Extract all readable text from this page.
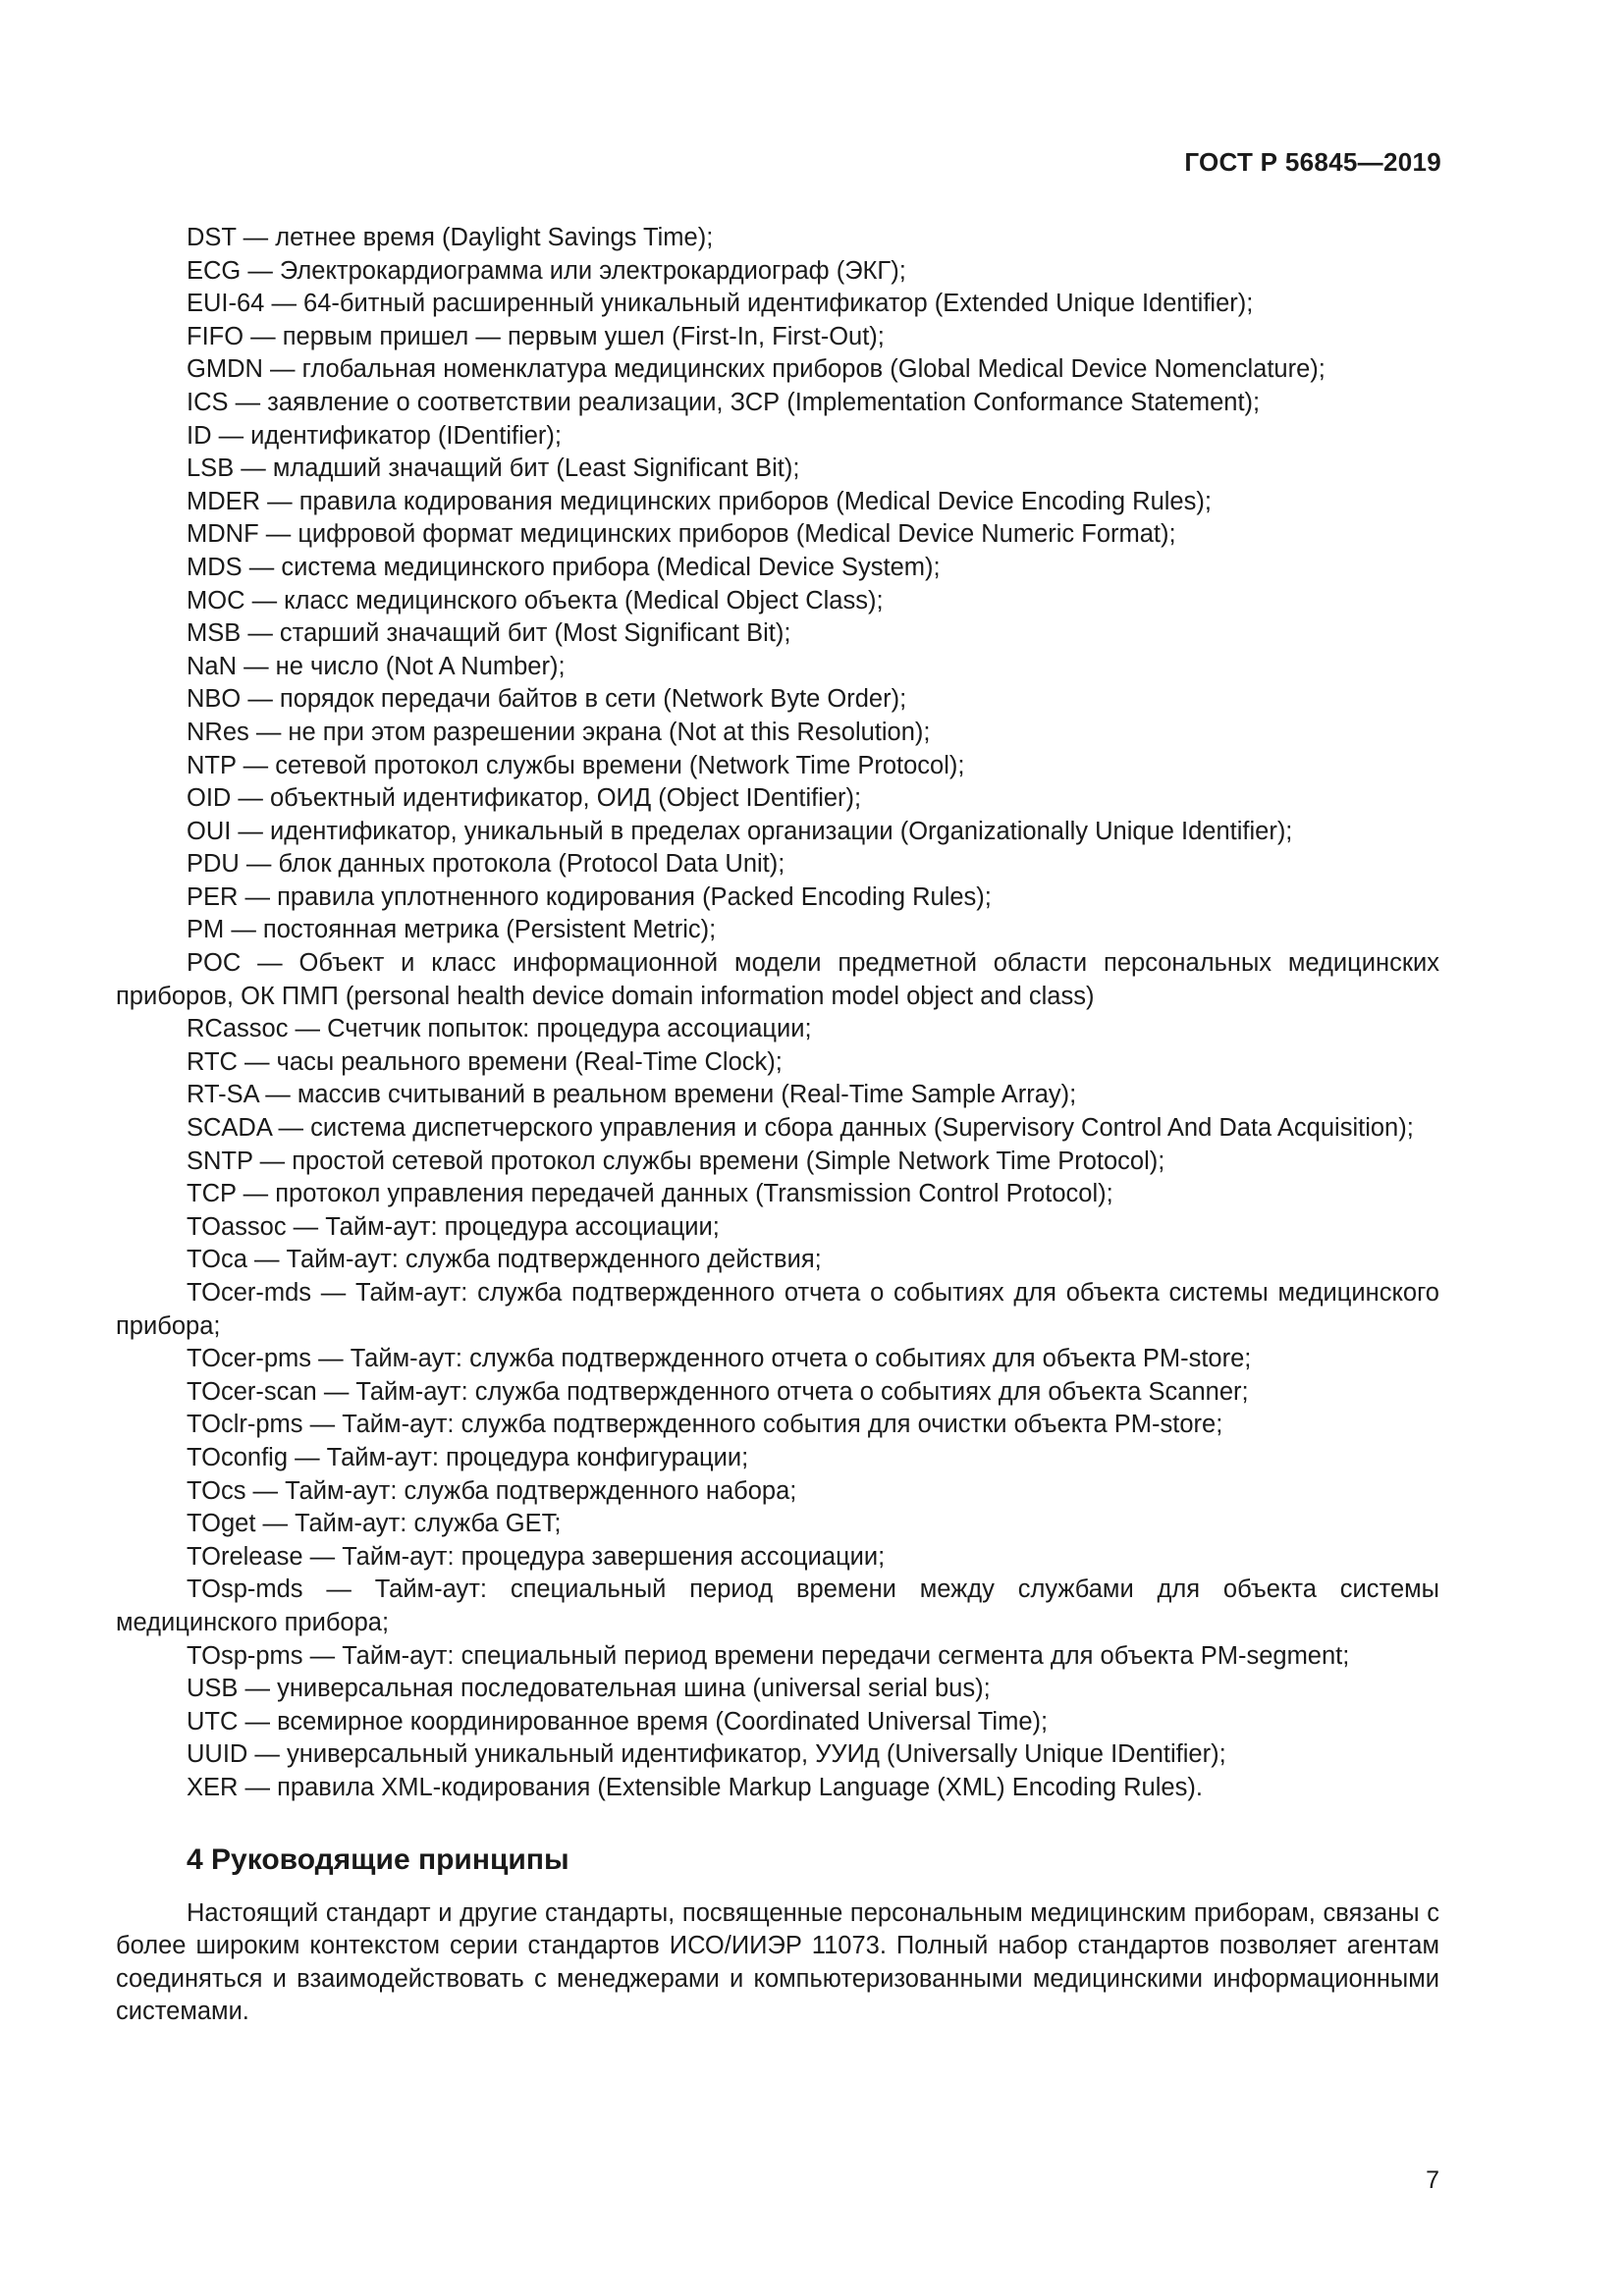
ГОСТ Р 56845—2019
DST — летнее время (Daylight Savings Time);
ECG — Электрокардиограмма или электрокардиограф (ЭКГ);
EUI-64 — 64-битный расширенный уникальный идентификатор (Extended Unique Identifier);
FIFO — первым пришел — первым ушел (First-In, First-Out);
GMDN — глобальная номенклатура медицинских приборов (Global Medical Device Nomenclature);
ICS — заявление о соответствии реализации, ЗСР (Implementation Conformance Statement);
ID — идентификатор (IDentifier);
LSB — младший значащий бит (Least Significant Bit);
MDER — правила кодирования медицинских приборов (Medical Device Encoding Rules);
MDNF — цифровой формат медицинских приборов (Medical Device Numeric Format);
MDS — система медицинского прибора (Medical Device System);
MOC — класс медицинского объекта (Medical Object Class);
MSB — старший значащий бит (Most Significant Bit);
NaN — не число (Not A Number);
NBO — порядок передачи байтов в сети (Network Byte Order);
NRes — не при этом разрешении экрана (Not at this Resolution);
NTP — сетевой протокол службы времени (Network Time Protocol);
OID — объектный идентификатор, ОИД (Object IDentifier);
OUI — идентификатор, уникальный в пределах организации (Organizationally Unique Identifier);
PDU — блок данных протокола (Protocol Data Unit);
PER — правила уплотненного кодирования (Packed Encoding Rules);
PM — постоянная метрика (Persistent Metric);
POC — Объект и класс информационной модели предметной области персональных медицинских приборов, ОК ПМП (personal health device domain information model object and class)
RCassoc — Счетчик попыток: процедура ассоциации;
RTC — часы реального времени (Real-Time Clock);
RT-SA — массив считываний в реальном времени (Real-Time Sample Array);
SCADA — система диспетчерского управления и сбора данных (Supervisory Control And Data Acquisition);
SNTP — простой сетевой протокол службы времени (Simple Network Time Protocol);
TCP — протокол управления передачей данных (Transmission Control Protocol);
TOassoc — Тайм-аут: процедура ассоциации;
TOca — Тайм-аут: служба подтвержденного действия;
TOcer-mds — Тайм-аут: служба подтвержденного отчета о событиях для объекта системы медицинского прибора;
TOcer-pms — Тайм-аут: служба подтвержденного отчета о событиях для объекта PM-store;
TOcer-scan — Тайм-аут: служба подтвержденного отчета о событиях для объекта Scanner;
TOclr-pms — Тайм-аут: служба подтвержденного события для очистки объекта PM-store;
TOconfig — Тайм-аут: процедура конфигурации;
TOcs — Тайм-аут: служба подтвержденного набора;
TOget — Тайм-аут: служба GET;
TOrelease — Тайм-аут: процедура завершения ассоциации;
TOsp-mds — Тайм-аут: специальный период времени между службами для объекта системы медицинского прибора;
TOsp-pms — Тайм-аут: специальный период времени передачи сегмента для объекта PM-segment;
USB — универсальная последовательная шина (universal serial bus);
UTC — всемирное координированное время (Coordinated Universal Time);
UUID — универсальный уникальный идентификатор, УУИд (Universally Unique IDentifier);
XER — правила XML-кодирования (Extensible Markup Language (XML) Encoding Rules).
4 Руководящие принципы

Настоящий стандарт и другие стандарты, посвященные персональным медицинским приборам, связаны с более широким контекстом серии стандартов ИСО/ИИЭР 11073. Полный набор стандартов позволяет агентам соединяться и взаимодействовать с менеджерами и компьютеризованными медицинскими информационными системами.

7
